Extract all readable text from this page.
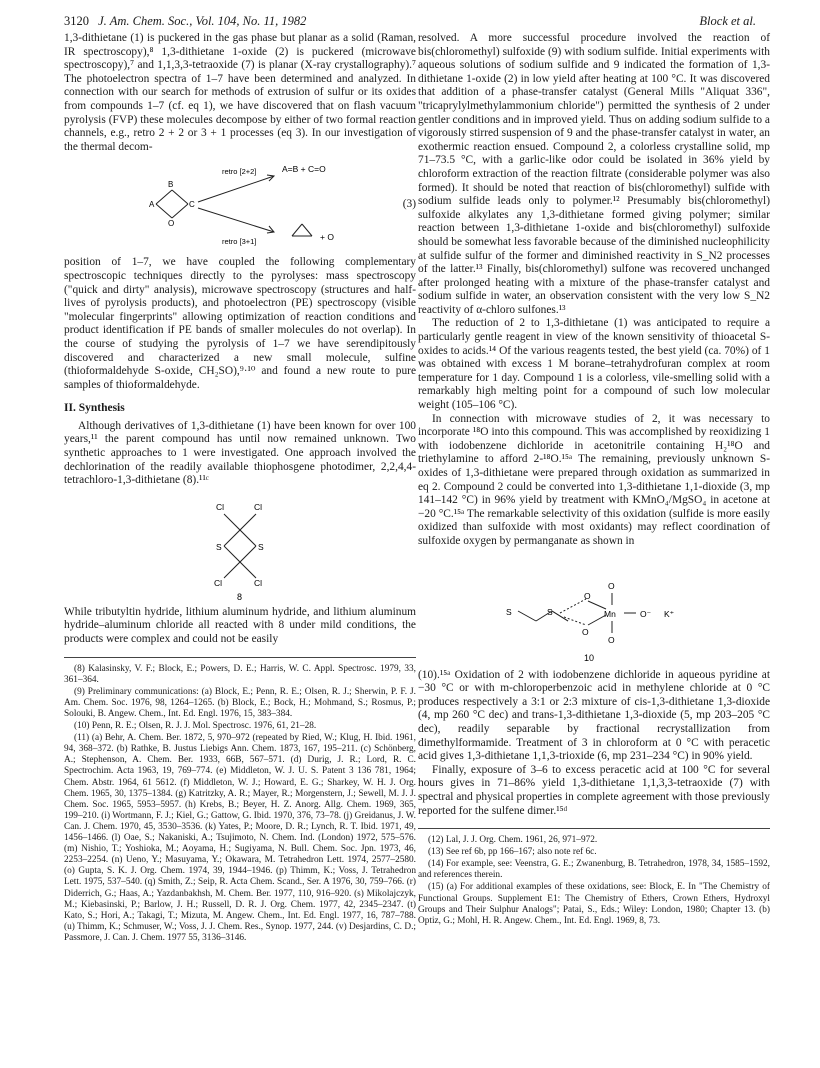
3120 J. Am. Chem. Soc., Vol. 104, No. 11, 1982	Block et al.

1,3-dithietane (1) is puckered in the gas phase but planar as a solid (Raman, IR spectroscopy),⁸ 1,3-dithietane 1-oxide (2) is puckered (microwave spectroscopy),⁷ and 1,1,3,3-tetraoxide (7) is planar (X-ray crystallography).⁷ The photoelectron spectra of 1–7 have been determined and analyzed. In connection with our search for methods of extrusion of sulfur or its oxides from compounds 1–7 (cf. eq 1), we have discovered that on flash vacuum pyrolysis (FVP) these molecules decompose by either of two formal reaction channels, e.g., retro 2 + 2 or 3 + 1 processes (eq 3). In our investigation of the thermal decom-

A
B
C
O
retro [2+2]
retro [3+1]
A=B + C=O
+ O
(3)

position of 1–7, we have coupled the following complementary spectroscopic techniques directly to the pyrolyses: mass spectroscopy ("quick and dirty" analysis), microwave spectroscopy (structures and half-lives of pyrolysis products), and photoelectron (PE) spectroscopy (visible "molecular fingerprints" allowing optimization of reaction conditions and product identification if PE bands of smaller molecules do not overlap). In the course of studying the pyrolysis of 1–7 we have serendipitously discovered and characterized a new small molecule, sulfine (thioformaldehyde S-oxide, CH₂SO),⁹·¹⁰ and found a new route to pure samples of thioformaldehyde.

II. Synthesis

Although derivatives of 1,3-dithietane (1) have been known for over 100 years,¹¹ the parent compound has until now remained unknown. Two synthetic approaches to 1 were investigated. One approach involved the dechlorination of the readily available thiophosgene photodimer, 2,2,4,4-tetrachloro-1,3-dithietane (8).¹¹ᶜ

Cl	Cl
S	S
Cl	Cl
8

While tributyltin hydride, lithium aluminum hydride, and lithium aluminum hydride–aluminum chloride all reacted with 8 under mild conditions, the products were complex and could not be easily

(8) Kalasinsky, V. F.; Block, E.; Powers, D. E.; Harris, W. C. Appl. Spectrosc. 1979, 33, 361–364.

(9) Preliminary communications: (a) Block, E.; Penn, R. E.; Olsen, R. J.; Sherwin, P. F. J. Am. Chem. Soc. 1976, 98, 1264–1265. (b) Block, E.; Bock, H.; Mohmand, S.; Rosmus, P.; Solouki, B. Angew. Chem., Int. Ed. Engl. 1976, 15, 383–384.

(10) Penn, R. E.; Olsen, R. J. J. Mol. Spectrosc. 1976, 61, 21–28.

(11) (a) Behr, A. Chem. Ber. 1872, 5, 970–972 (repeated by Ried, W.; Klug, H. Ibid. 1961, 94, 368–372. (b) Rathke, B. Justus Liebigs Ann. Chem. 1873, 167, 195–211. (c) Schönberg, A.; Stephenson, A. Chem. Ber. 1933, 66B, 567–571. (d) Durig, J. R.; Lord, R. C. Spectrochim. Acta 1963, 19, 769–774. (e) Middleton, W. J. U. S. Patent 3 136 781, 1964; Chem. Abstr. 1964, 61 5612. (f) Middleton, W. J.; Howard, E. G.; Sharkey, W. H. J. Org. Chem. 1965, 30, 1375–1384. (g) Katritzky, A. R.; Mayer, R.; Morgenstern, J.; Sewell, M. J. J. Chem. Soc. 1965, 5953–5957. (h) Krebs, B.; Beyer, H. Z. Anorg. Allg. Chem. 1969, 365, 199–210. (i) Wortmann, F. J.; Kiel, G.; Gattow, G. Ibid. 1970, 376, 73–78. (j) Greidanus, J. W. Can. J. Chem. 1970, 45, 3530–3536. (k) Yates, P.; Moore, D. R.; Lynch, R. T. Ibid. 1971, 49, 1456–1466. (l) Oae, S.; Nakaniski, A.; Tsujimoto, N. Chem. Ind. (London) 1972, 575–576. (m) Nishio, T.; Yoshioka, M.; Aoyama, H.; Sugiyama, N. Bull. Chem. Soc. Jpn. 1973, 46, 2253–2254. (n) Ueno, Y.; Masuyama, Y.; Okawara, M. Tetrahedron Lett. 1974, 2577–2580. (o) Gupta, S. K. J. Org. Chem. 1974, 39, 1944–1946. (p) Thimm, K.; Voss, J. Tetrahedron Lett. 1975, 537–540. (q) Smith, Z.; Seip, R. Acta Chem. Scand., Ser. A 1976, 30, 759–766. (r) Diderrich, G.; Haas, A.; Yazdanbakhsh, M. Chem. Ber. 1977, 110, 916–920. (s) Mikolajczyk, M.; Kiebasinski, P.; Barlow, J. H.; Russell, D. R. J. Org. Chem. 1977, 42, 2345–2347. (t) Kato, S.; Hori, A.; Takagi, T.; Mizuta, M. Angew. Chem., Int. Ed. Engl. 1977, 16, 787–788. (u) Thimm, K.; Schmuser, W.; Voss, J. J. Chem. Res., Synop. 1977, 244. (v) Desjardins, C. D.; Passmore, J. Can. J. Chem. 1977 55, 3136–3146.

resolved. A more successful procedure involved the reaction of bis(chloromethyl) sulfoxide (9) with sodium sulfide. Initial experiments with aqueous solutions of sodium sulfide and 9 indicated the formation of 1,3-dithietane 1-oxide (2) in low yield after heating at 100 °C. It was discovered that addition of a phase-transfer catalyst (General Mills "Aliquat 336", "tricaprylylmethylammonium chloride") permitted the synthesis of 2 under gentler conditions and in improved yield. Thus on adding sodium sulfide to a vigorously stirred suspension of 9 and the phase-transfer catalyst in water, an exothermic reaction ensued. Compound 2, a colorless crystalline solid, mp 71–73.5 °C, with a garlic-like odor could be isolated in 36% yield by chloroform extraction of the reaction filtrate (considerable polymer was also formed). It should be noted that reaction of bis(chloromethyl) sulfide with sodium sulfide leads only to polymer.¹² Presumably bis(chloromethyl) sulfoxide alkylates any 1,3-dithietane formed giving polymer; similar reaction between 1,3-dithietane 1-oxide and bis(chloromethyl) sulfoxide should be somewhat less favorable because of the diminished nucleophilicity at sulfide sulfur of the former and diminished reactivity in S_N2 processes of the latter.¹³ Finally, bis(chloromethyl) sulfone was recovered unchanged after prolonged heating with a mixture of the phase-transfer catalyst and sodium sulfide in water, an observation consistent with the very low S_N2 reactivity of α-chloro sulfones.¹³

The reduction of 2 to 1,3-dithietane (1) was anticipated to require a particularly gentle reagent in view of the known sensitivity of thioacetal S-oxides to acids.¹⁴ Of the various reagents tested, the best yield (ca. 70%) of 1 was obtained with excess 1 M borane–tetrahydrofuran complex at room temperature for 1 day. Compound 1 is a colorless, vile-smelling solid with a remarkably high melting point for a compound of such low molecular weight (105–106 °C).

In connection with microwave studies of 2, it was necessary to incorporate ¹⁸O into this compound. This was accomplished by reoxidizing 1 with iodobenzene dichloride in acetonitrile containing H₂¹⁸O and triethylamine to afford 2-¹⁸O.¹⁵ᵃ The remaining, previously unknown S-oxides of 1,3-dithietane were prepared through oxidation as summarized in eq 2. Compound 2 could be converted into 1,3-dithietane 1,1-dioxide (3, mp 141–142 °C) in 96% yield by treatment with KMnO₄/MgSO₄ in acetone at −20 °C.¹⁵ᵃ The remarkable selectivity of this oxidation (sulfide is more easily oxidized than sulfoxide with most oxidants) may reflect coordination of sulfoxide oxygen by permanganate as shown in

S	S
O
O
O
O
Mn	O⁻ K⁺
10

(10).¹⁵ᵃ Oxidation of 2 with iodobenzene dichloride in aqueous pyridine at −30 °C or with m-chloroperbenzoic acid in methylene chloride at 0 °C produces respectively a 3:1 or 2:3 mixture of cis-1,3-dithietane 1,3-dioxide (4, mp 260 °C dec) and trans-1,3-dithietane 1,3-dioxide (5, mp 203–205 °C dec), readily separable by fractional recrystallization from dimethylformamide. Treatment of 3 in chloroform at 0 °C with peracetic acid gives 1,3-dithietane 1,1,3-trioxide (6, mp 231–234 °C) in 90% yield.

Finally, exposure of 3–6 to excess peracetic acid at 100 °C for several hours gives in 71–86% yield 1,3-dithietane 1,1,3,3-tetraoxide (7) with spectral and physical properties in complete agreement with those previously reported for the sulfene dimer.¹⁵ᵈ

(12) Lal, J. J. Org. Chem. 1961, 26, 971–972.

(13) See ref 6b, pp 166–167; also note ref 6c.

(14) For example, see: Veenstra, G. E.; Zwanenburg, B. Tetrahedron, 1978, 34, 1585–1592, and references therein.

(15) (a) For additional examples of these oxidations, see: Block, E. In "The Chemistry of Functional Groups. Supplement E1: The Chemistry of Ethers, Crown Ethers, Hydroxyl Groups and Their Sulphur Analogs"; Patai, S., Eds.; Wiley: London, 1980; Chapter 13. (b) Optiz, G.; Mohl, H. R. Angew. Chem., Int. Ed. Engl. 1969, 8, 73.
